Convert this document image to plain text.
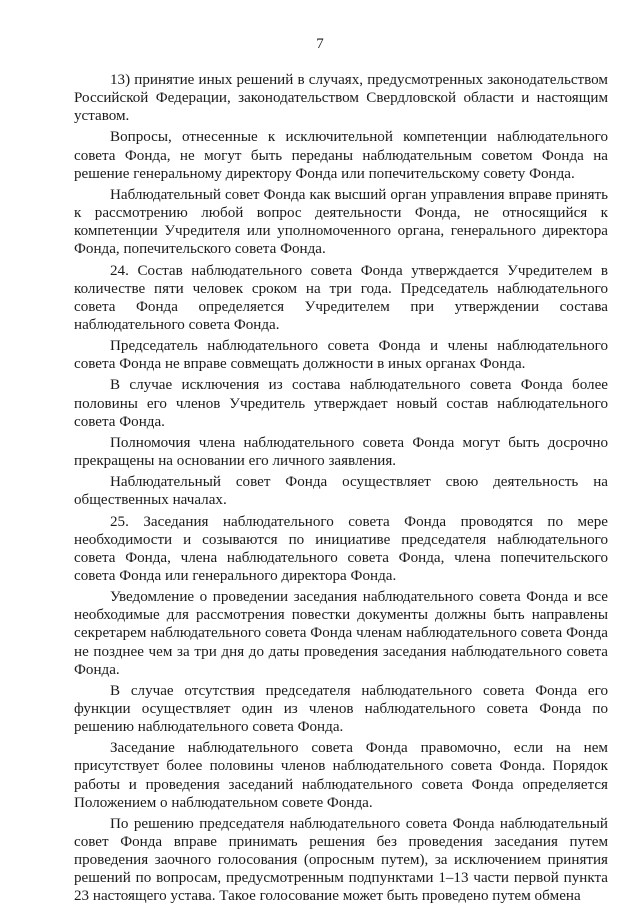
7

13) принятие иных решений в случаях, предусмотренных законодательством Российской Федерации, законодательством Свердловской области и настоящим уставом.

Вопросы, отнесенные к исключительной компетенции наблюдательного совета Фонда, не могут быть переданы наблюдательным советом Фонда на решение генеральному директору Фонда или попечительскому совету Фонда.

Наблюдательный совет Фонда как высший орган управления вправе принять к рассмотрению любой вопрос деятельности Фонда, не относящийся к компетенции Учредителя или уполномоченного органа, генерального директора Фонда, попечительского совета Фонда.

24. Состав наблюдательного совета Фонда утверждается Учредителем в количестве пяти человек сроком на три года. Председатель наблюдательного совета Фонда определяется Учредителем при утверждении состава наблюдательного совета Фонда.

Председатель наблюдательного совета Фонда и члены наблюдательного совета Фонда не вправе совмещать должности в иных органах Фонда.

В случае исключения из состава наблюдательного совета Фонда более половины его членов Учредитель утверждает новый состав наблюдательного совета Фонда.

Полномочия члена наблюдательного совета Фонда могут быть досрочно прекращены на основании его личного заявления.

Наблюдательный совет Фонда осуществляет свою деятельность на общественных началах.

25. Заседания наблюдательного совета Фонда проводятся по мере необходимости и созываются по инициативе председателя наблюдательного совета Фонда, члена наблюдательного совета Фонда, члена попечительского совета Фонда или генерального директора Фонда.

Уведомление о проведении заседания наблюдательного совета Фонда и все необходимые для рассмотрения повестки документы должны быть направлены секретарем наблюдательного совета Фонда членам наблюдательного совета Фонда не позднее чем за три дня до даты проведения заседания наблюдательного совета Фонда.

В случае отсутствия председателя наблюдательного совета Фонда его функции осуществляет один из членов наблюдательного совета Фонда по решению наблюдательного совета Фонда.

Заседание наблюдательного совета Фонда правомочно, если на нем присутствует более половины членов наблюдательного совета Фонда. Порядок работы и проведения заседаний наблюдательного совета Фонда определяется Положением о наблюдательном совете Фонда.

По решению председателя наблюдательного совета Фонда наблюдательный совет Фонда вправе принимать решения без проведения заседания путем проведения заочного голосования (опросным путем), за исключением принятия решений по вопросам, предусмотренным подпунктами 1–13 части первой пункта 23 настоящего устава. Такое голосование может быть проведено путем обмена
